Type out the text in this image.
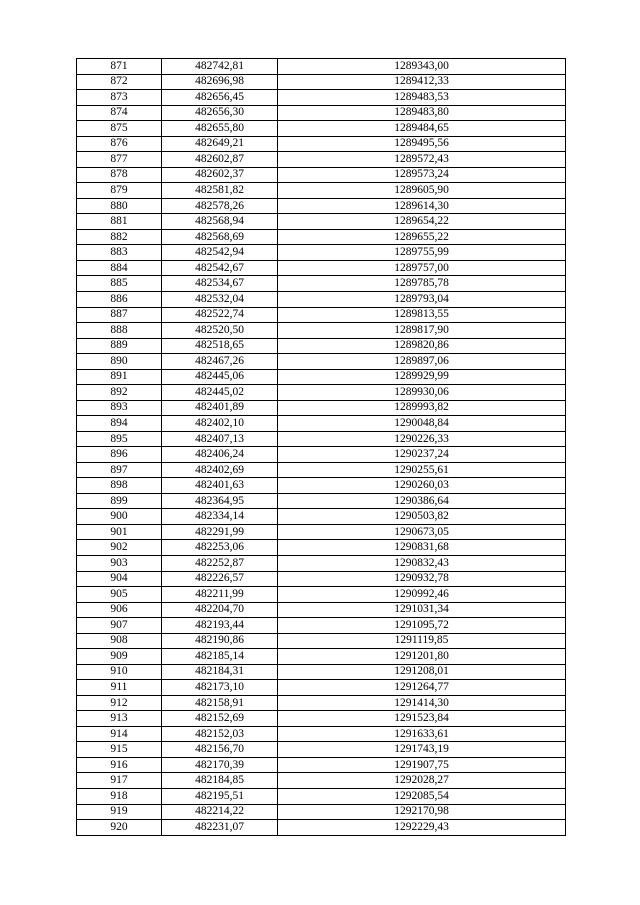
871	482742,81	1289343,00
872	482696,98	1289412,33
873	482656,45	1289483,53
874	482656,30	1289483,80
875	482655,80	1289484,65
876	482649,21	1289495,56
877	482602,87	1289572,43
878	482602,37	1289573,24
879	482581,82	1289605,90
880	482578,26	1289614,30
881	482568,94	1289654,22
882	482568,69	1289655,22
883	482542,94	1289755,99
884	482542,67	1289757,00
885	482534,67	1289785,78
886	482532,04	1289793,04
887	482522,74	1289813,55
888	482520,50	1289817,90
889	482518,65	1289820,86
890	482467,26	1289897,06
891	482445,06	1289929,99
892	482445,02	1289930,06
893	482401,89	1289993,82
894	482402,10	1290048,84
895	482407,13	1290226,33
896	482406,24	1290237,24
897	482402,69	1290255,61
898	482401,63	1290260,03
899	482364,95	1290386,64
900	482334,14	1290503,82
901	482291,99	1290673,05
902	482253,06	1290831,68
903	482252,87	1290832,43
904	482226,57	1290932,78
905	482211,99	1290992,46
906	482204,70	1291031,34
907	482193,44	1291095,72
908	482190,86	1291119,85
909	482185,14	1291201,80
910	482184,31	1291208,01
911	482173,10	1291264,77
912	482158,91	1291414,30
913	482152,69	1291523,84
914	482152,03	1291633,61
915	482156,70	1291743,19
916	482170,39	1291907,75
917	482184,85	1292028,27
918	482195,51	1292085,54
919	482214,22	1292170,98
920	482231,07	1292229,43
